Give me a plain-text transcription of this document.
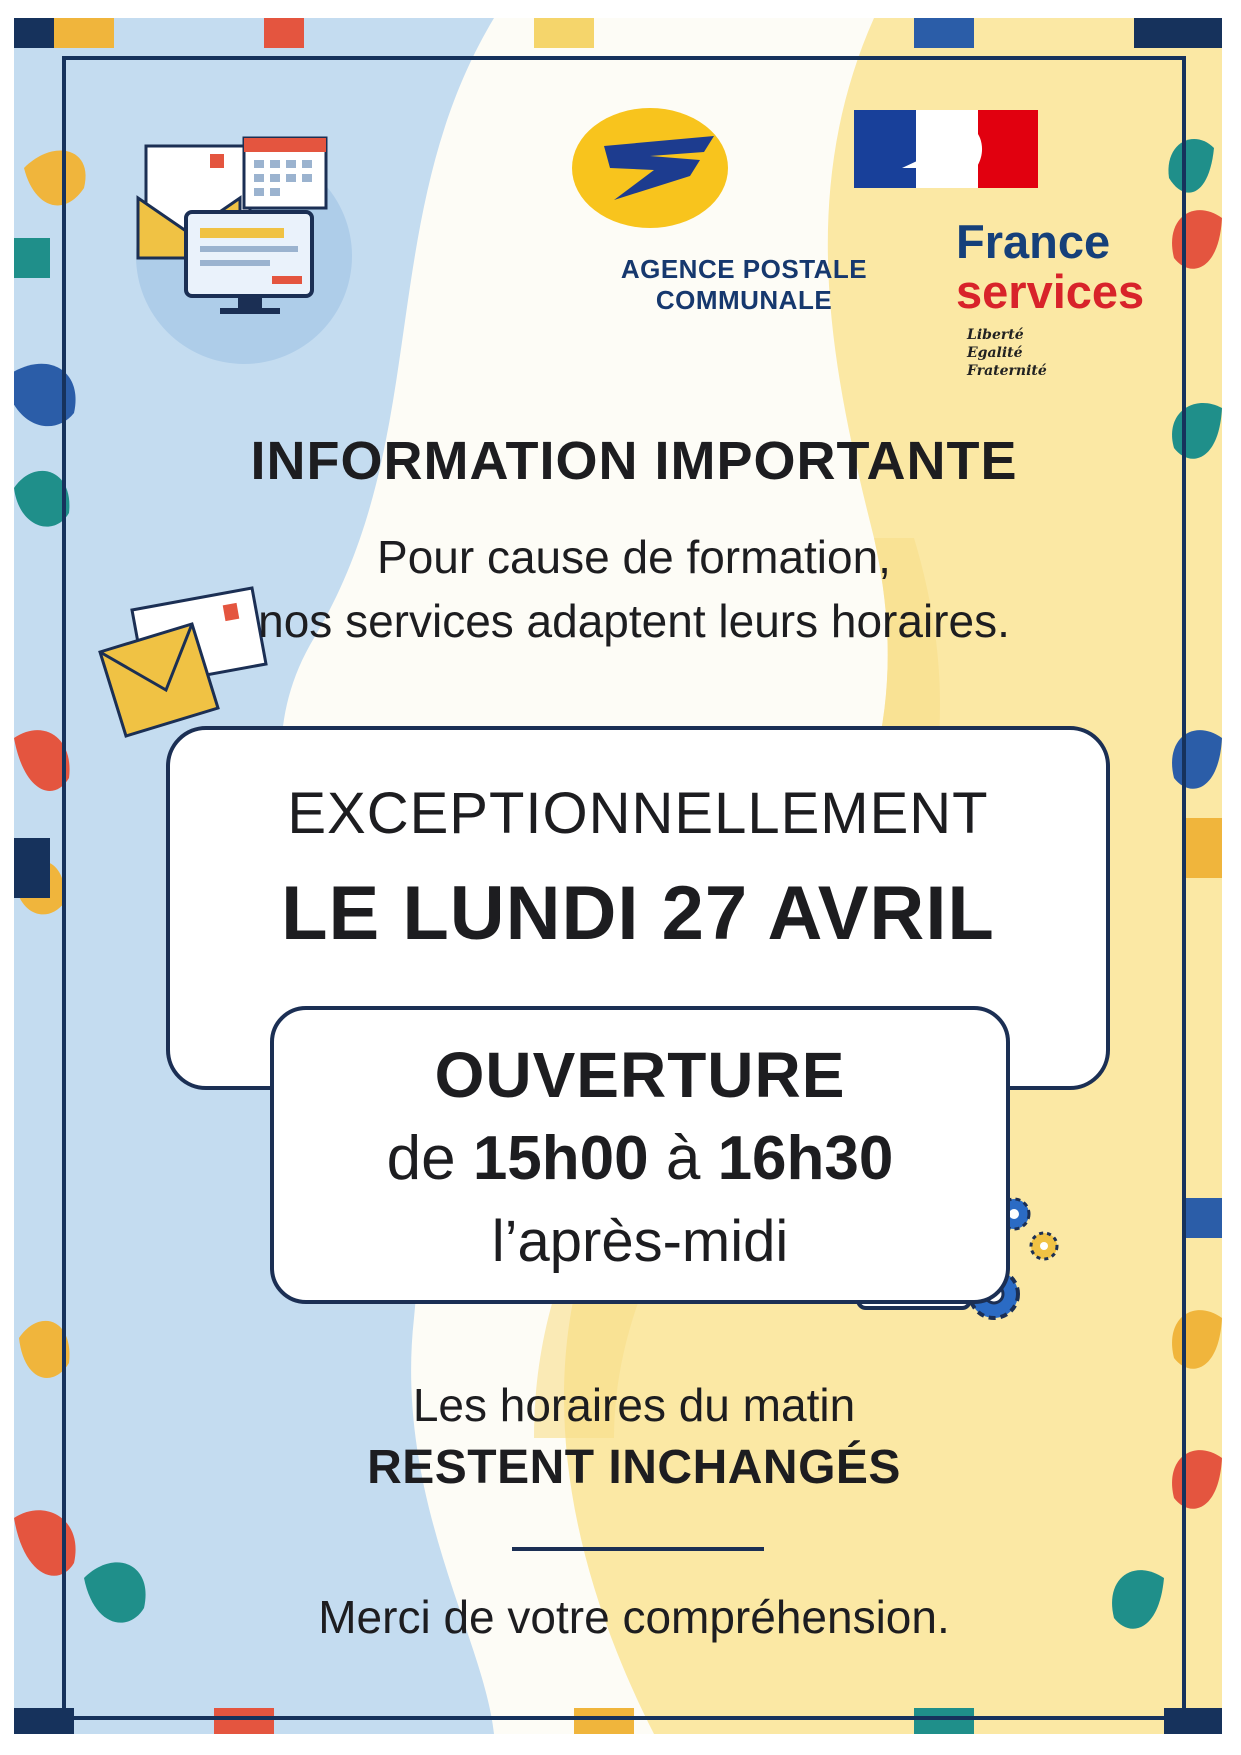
AGENCE POSTALE
COMMUNALE
France
services
Liberté
Egalité
Fraternité
INFORMATION IMPORTANTE
Pour cause de formation,
nos services adaptent leurs horaires.
EXCEPTIONNELLEMENT
LE LUNDI 27 AVRIL
OUVERTURE
de 15h00 à 16h30
l’après-midi
Les horaires du matin
RESTENT INCHANGÉS
Merci de votre compréhension.
